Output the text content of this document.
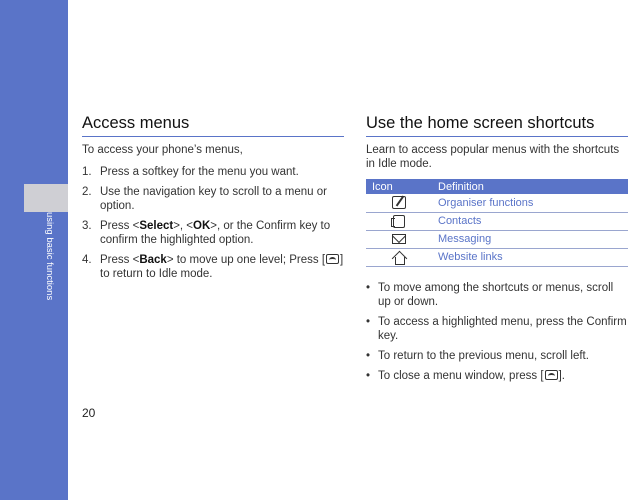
using basic functions
Access menus

To access your phone’s menus,

1. Press a softkey for the menu you want.
2. Use the navigation key to scroll to a menu or option.
3. Press <Select>, <OK>, or the Confirm key to confirm the highlighted option.
4. Press <Back> to move up one level; Press [ ] to return to Idle mode.
Use the home screen shortcuts

Learn to access popular menus with the shortcuts in Idle mode.

Icon	Definition
	Organiser functions
	Contacts
	Messaging
	Website links
• To move among the shortcuts or menus, scroll up or down.
• To access a highlighted menu, press the Confirm key.
• To return to the previous menu, scroll left.
• To close a menu window, press [ ].
20
